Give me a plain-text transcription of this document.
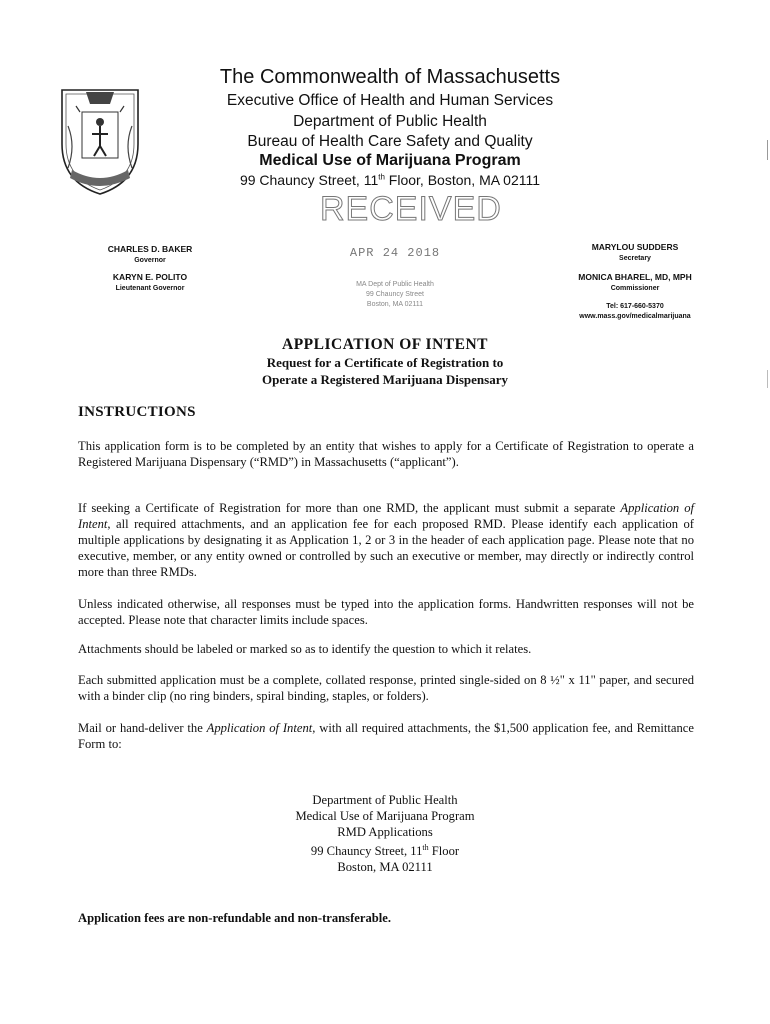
The Commonwealth of Massachusetts
Executive Office of Health and Human Services
Department of Public Health
Bureau of Health Care Safety and Quality
Medical Use of Marijuana Program
99 Chauncy Street, 11th Floor, Boston, MA 02111
RECEIVED
APR 24 2018
MA Dept of Public Health
99 Chauncy Street
Boston, MA 02111
CHARLES D. BAKER
Governor
KARYN E. POLITO
Lieutenant Governor
MARYLOU SUDDERS
Secretary
MONICA BHAREL, MD, MPH
Commissioner
Tel: 617-660-5370
www.mass.gov/medicalmarijuana
APPLICATION OF INTENT
Request for a Certificate of Registration to
Operate a Registered Marijuana Dispensary
INSTRUCTIONS
This application form is to be completed by an entity that wishes to apply for a Certificate of Registration to operate a Registered Marijuana Dispensary (“RMD”) in Massachusetts (“applicant”).
If seeking a Certificate of Registration for more than one RMD, the applicant must submit a separate Application of Intent, all required attachments, and an application fee for each proposed RMD. Please identify each application of multiple applications by designating it as Application 1, 2 or 3 in the header of each application page. Please note that no executive, member, or any entity owned or controlled by such an executive or member, may directly or indirectly control more than three RMDs.
Unless indicated otherwise, all responses must be typed into the application forms. Handwritten responses will not be accepted. Please note that character limits include spaces.
Attachments should be labeled or marked so as to identify the question to which it relates.
Each submitted application must be a complete, collated response, printed single-sided on 8 ½" x 11" paper, and secured with a binder clip (no ring binders, spiral binding, staples, or folders).
Mail or hand-deliver the Application of Intent, with all required attachments, the $1,500 application fee, and Remittance Form to:
Department of Public Health
Medical Use of Marijuana Program
RMD Applications
99 Chauncy Street, 11th Floor
Boston, MA 02111
Application fees are non-refundable and non-transferable.
